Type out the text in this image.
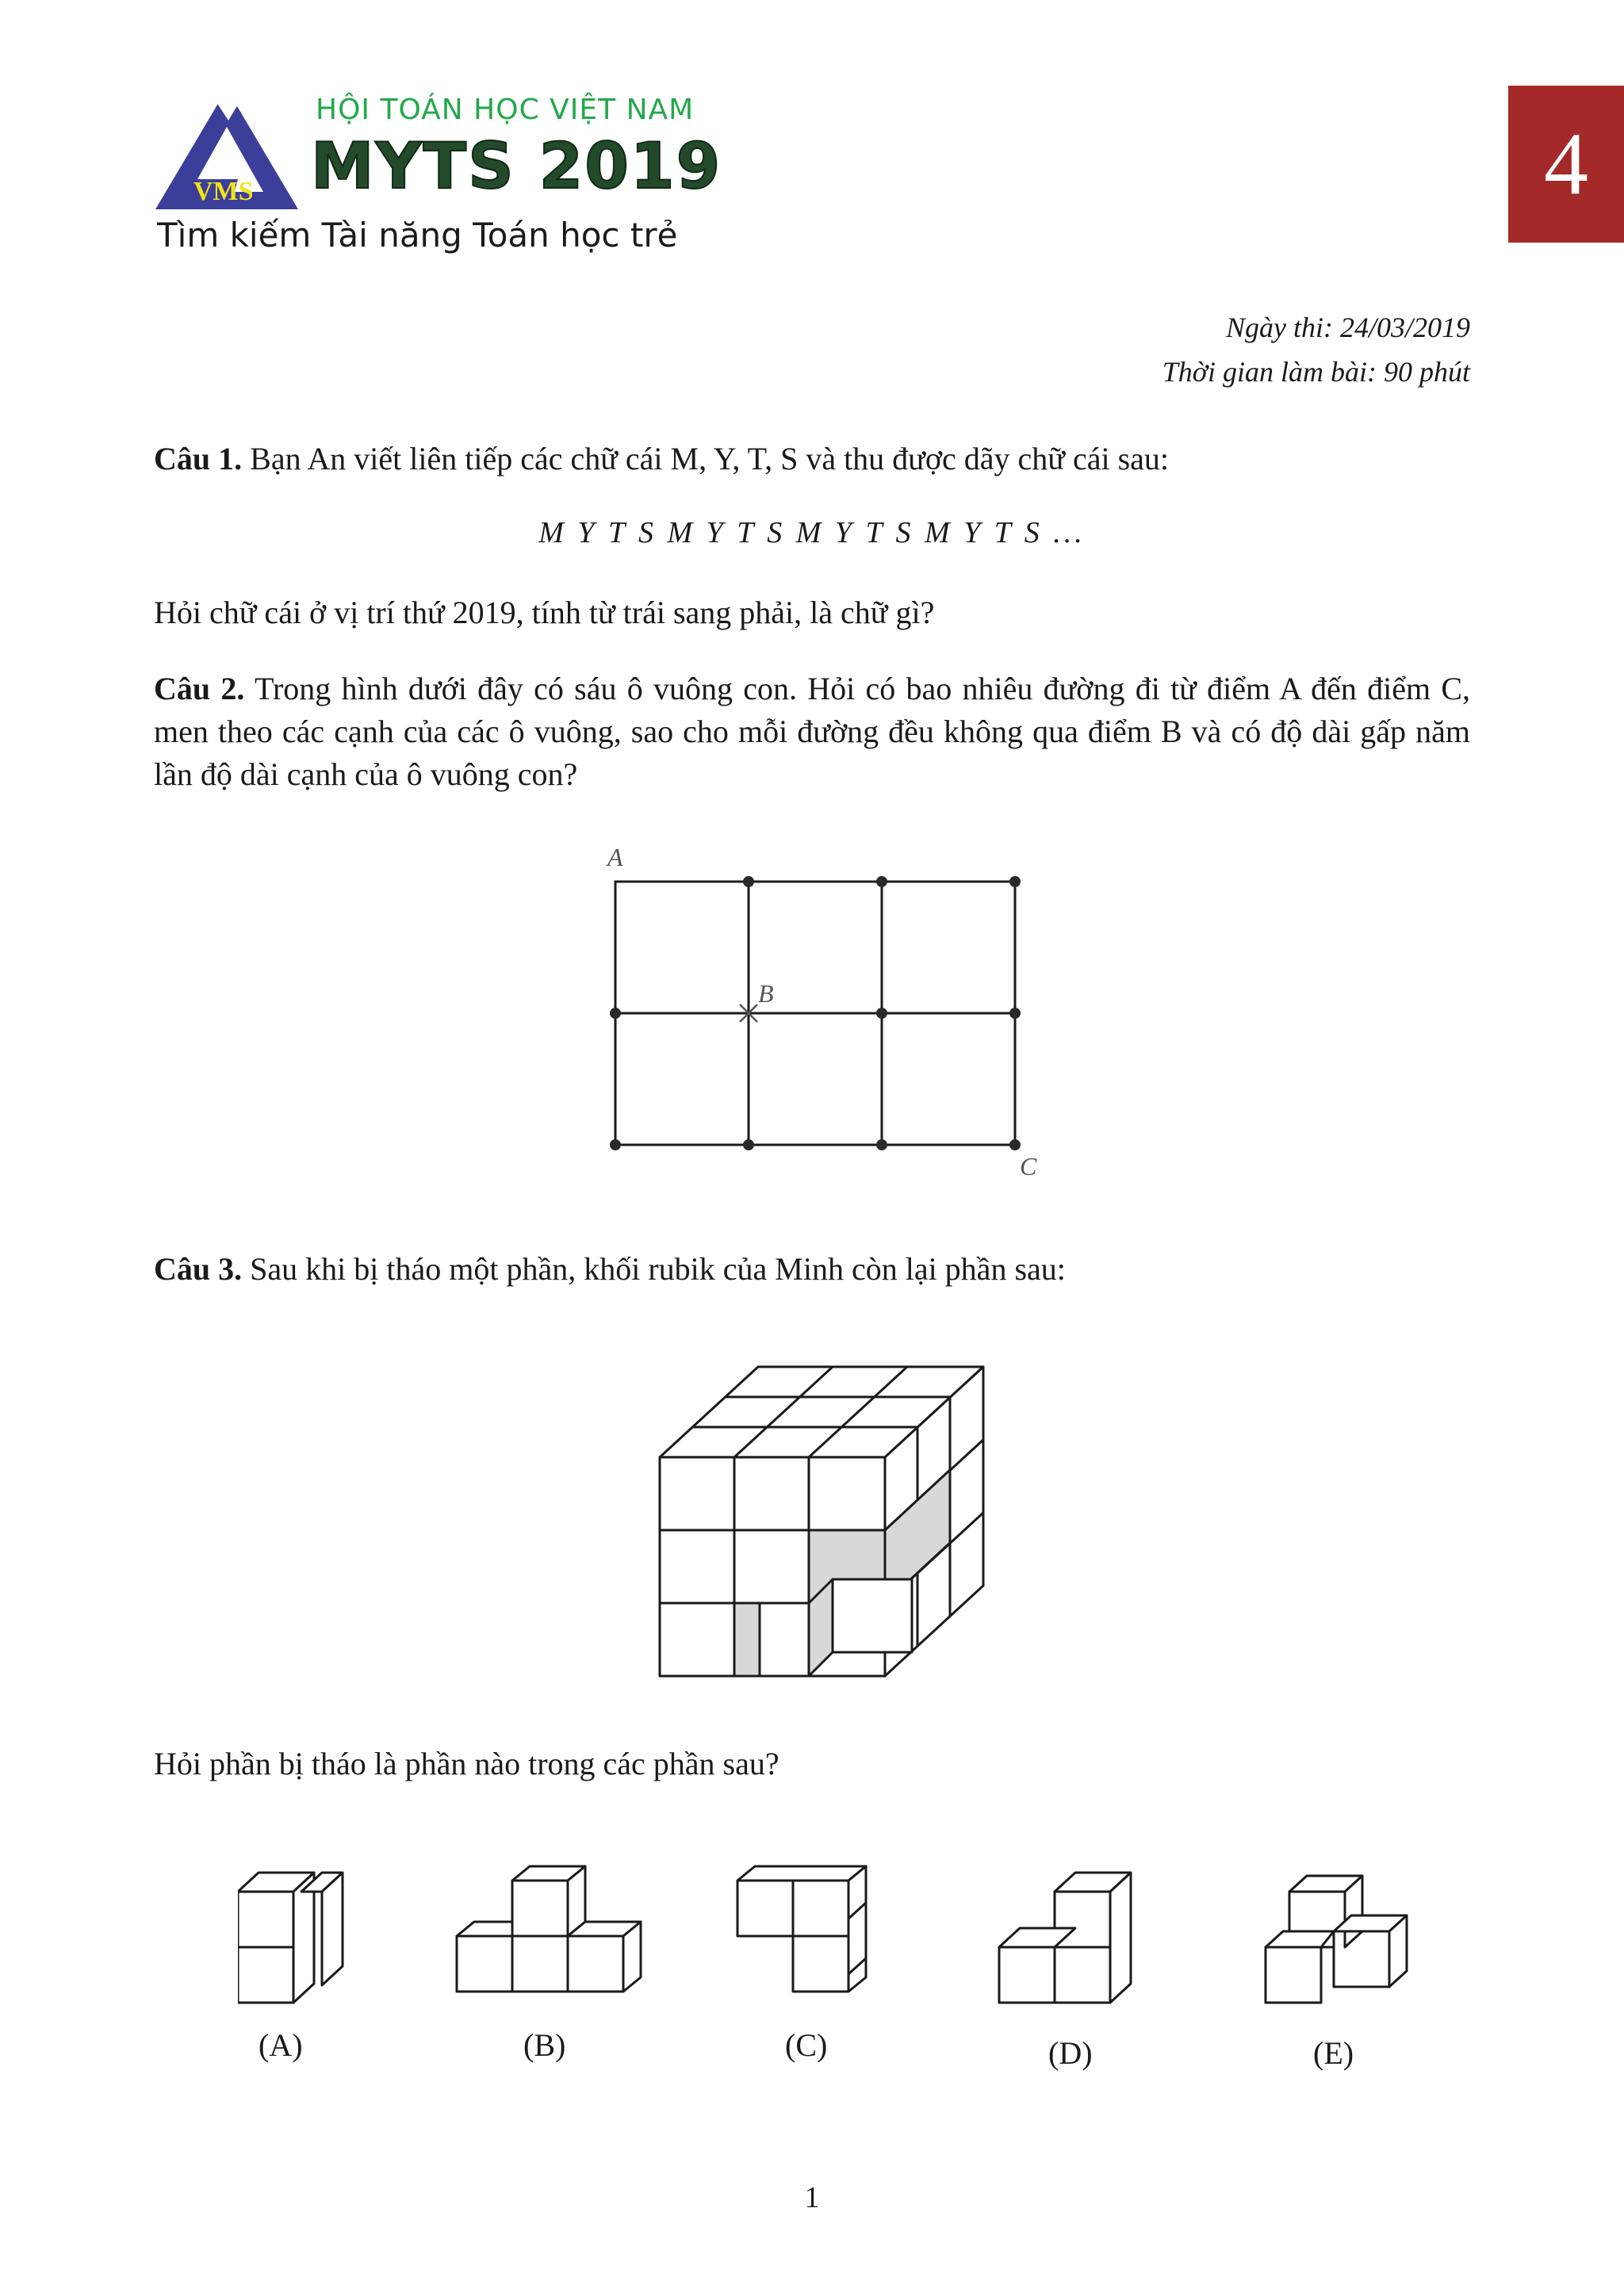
VMS
HỘI TOÁN HỌC VIỆT NAM
MYTS 2019
Tìm kiếm Tài năng Toán học trẻ
4
Ngày thi: 24/03/2019
Thời gian làm bài: 90 phút
Câu 1. Bạn An viết liên tiếp các chữ cái M, Y, T, S và thu được dãy chữ cái sau:
M Y T S M Y T S M Y T S M Y T S ...
Hỏi chữ cái ở vị trí thứ 2019, tính từ trái sang phải, là chữ gì?
Câu 2. Trong hình dưới đây có sáu ô vuông con. Hỏi có bao nhiêu đường đi từ điểm A đến điểm C, men theo các cạnh của các ô vuông, sao cho mỗi đường đều không qua điểm B và có độ dài gấp năm lần độ dài cạnh của ô vuông con?
A
B
C
Câu 3. Sau khi bị tháo một phần, khối rubik của Minh còn lại phần sau:
Hỏi phần bị tháo là phần nào trong các phần sau?
(A)	(B)	(C)	(D)	(E)
1
